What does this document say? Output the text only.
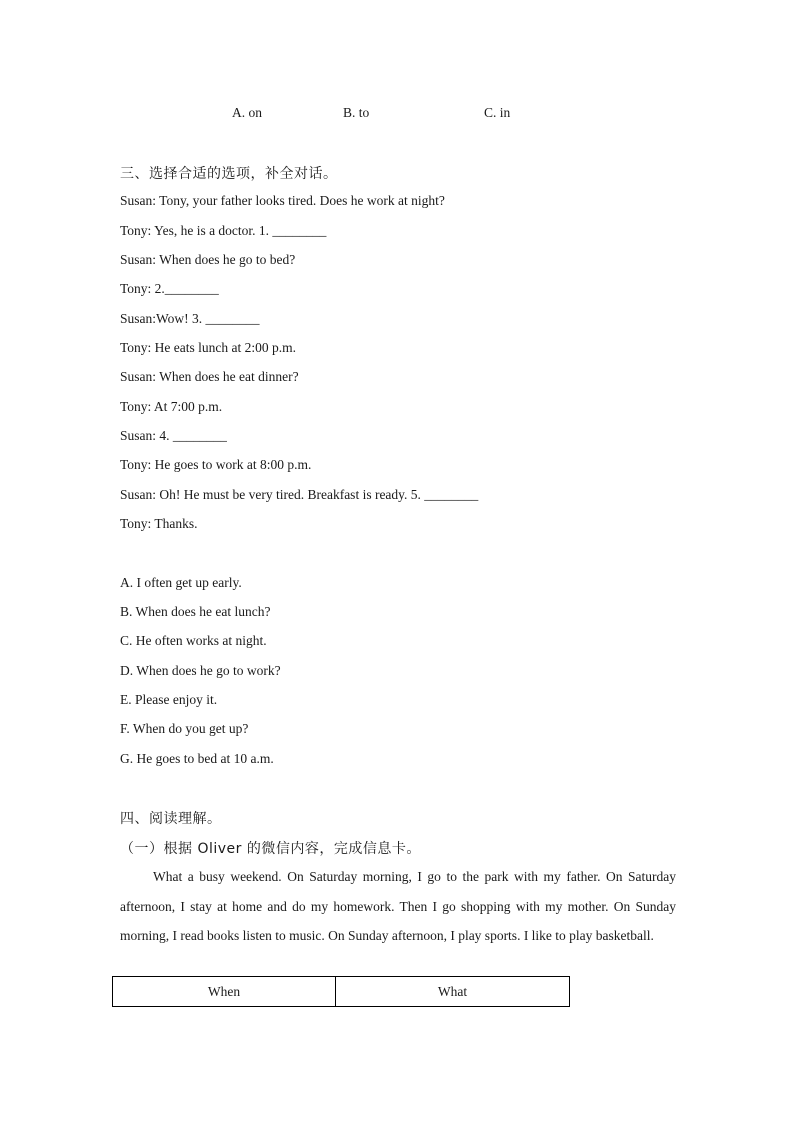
A. on	B. to	C. in
三、选择合适的选项，补全对话。
Susan: Tony, your father looks tired. Does he work at night?
Tony: Yes, he is a doctor. 1. ________
Susan: When does he go to bed?
Tony: 2.________
Susan:Wow! 3. ________
Tony: He eats lunch at 2:00 p.m.
Susan: When does he eat dinner?
Tony: At 7:00 p.m.
Susan: 4. ________
Tony: He goes to work at 8:00 p.m.
Susan: Oh! He must be very tired. Breakfast is ready. 5. ________
Tony: Thanks.
A. I often get up early.
B. When does he eat lunch?
C. He often works at night.
D. When does he go to work?
E. Please enjoy it.
F. When do you get up?
G. He goes to bed at 10 a.m.
四、阅读理解。
（一）根据 Oliver 的微信内容，完成信息卡。
What a busy weekend. On Saturday morning, I go to the park with my father. On Saturday afternoon, I stay at home and do my homework. Then I go shopping with my mother. On Sunday morning, I read books listen to music. On Sunday afternoon, I play sports. I like to play basketball.
When	What
